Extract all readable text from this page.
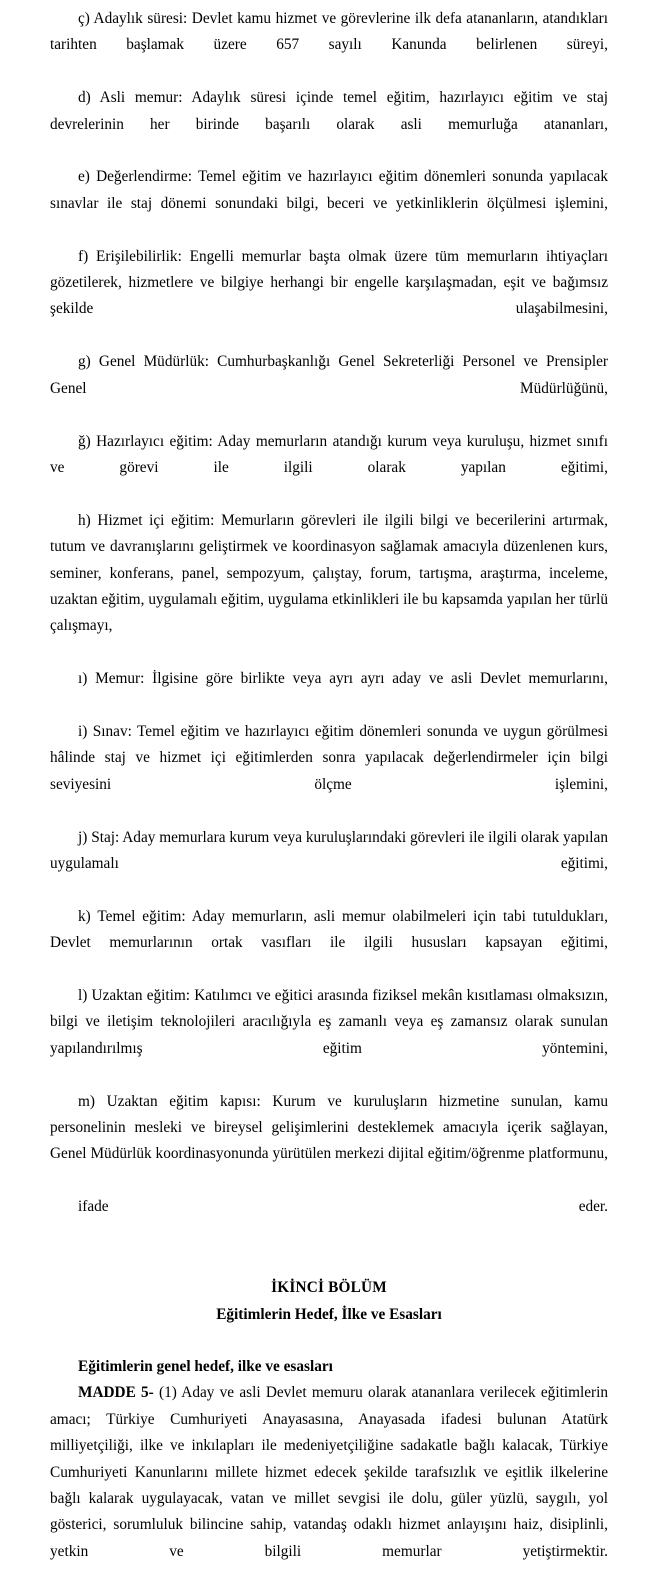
ç) Adaylık süresi: Devlet kamu hizmet ve görevlerine ilk defa atananların, atandıkları tarihten başlamak üzere 657 sayılı Kanunda belirlenen süreyi,

d) Asli memur: Adaylık süresi içinde temel eğitim, hazırlayıcı eğitim ve staj devrelerinin her birinde başarılı olarak asli memurluğa atananları,

e) Değerlendirme: Temel eğitim ve hazırlayıcı eğitim dönemleri sonunda yapılacak sınavlar ile staj dönemi sonundaki bilgi, beceri ve yetkinliklerin ölçülmesi işlemini,

f) Erişilebilirlik: Engelli memurlar başta olmak üzere tüm memurların ihtiyaçları gözetilerek, hizmetlere ve bilgiye herhangi bir engelle karşılaşmadan, eşit ve bağımsız şekilde ulaşabilmesini,

g) Genel Müdürlük: Cumhurbaşkanlığı Genel Sekreterliği Personel ve Prensipler Genel Müdürlüğünü,

ğ) Hazırlayıcı eğitim: Aday memurların atandığı kurum veya kuruluşu, hizmet sınıfı ve görevi ile ilgili olarak yapılan eğitimi,

h) Hizmet içi eğitim: Memurların görevleri ile ilgili bilgi ve becerilerini artırmak, tutum ve davranışlarını geliştirmek ve koordinasyon sağlamak amacıyla düzenlenen kurs, seminer, konferans, panel, sempozyum, çalıştay, forum, tartışma, araştırma, inceleme, uzaktan eğitim, uygulamalı eğitim, uygulama etkinlikleri ile bu kapsamda yapılan her türlü çalışmayı,

ı) Memur: İlgisine göre birlikte veya ayrı ayrı aday ve asli Devlet memurlarını,

i) Sınav: Temel eğitim ve hazırlayıcı eğitim dönemleri sonunda ve uygun görülmesi hâlinde staj ve hizmet içi eğitimlerden sonra yapılacak değerlendirmeler için bilgi seviyesini ölçme işlemini,

j) Staj: Aday memurlara kurum veya kuruluşlarındaki görevleri ile ilgili olarak yapılan uygulamalı eğitimi,

k) Temel eğitim: Aday memurların, asli memur olabilmeleri için tabi tutuldukları, Devlet memurlarının ortak vasıfları ile ilgili hususları kapsayan eğitimi,

l) Uzaktan eğitim: Katılımcı ve eğitici arasında fiziksel mekân kısıtlaması olmaksızın, bilgi ve iletişim teknolojileri aracılığıyla eş zamanlı veya eş zamansız olarak sunulan yapılandırılmış eğitim yöntemini,

m) Uzaktan eğitim kapısı: Kurum ve kuruluşların hizmetine sunulan, kamu personelinin mesleki ve bireysel gelişimlerini desteklemek amacıyla içerik sağlayan, Genel Müdürlük koordinasyonunda yürütülen merkezi dijital eğitim/öğrenme platformunu,

ifade eder.

İKİNCİ BÖLÜM
Eğitimlerin Hedef, İlke ve Esasları
Eğitimlerin genel hedef, ilke ve esasları

MADDE 5- (1) Aday ve asli Devlet memuru olarak atananlara verilecek eğitimlerin amacı; Türkiye Cumhuriyeti Anayasasına, Anayasada ifadesi bulunan Atatürk milliyetçiliği, ilke ve inkılapları ile medeniyetçiliğine sadakatle bağlı kalacak, Türkiye Cumhuriyeti Kanunlarını millete hizmet edecek şekilde tarafsızlık ve eşitlik ilkelerine bağlı kalarak uygulayacak, vatan ve millet sevgisi ile dolu, güler yüzlü, saygılı, yol gösterici, sorumluluk bilincine sahip, vatandaş odaklı hizmet anlayışını haiz, disiplinli, yetkin ve bilgili memurlar yetiştirmektir.
